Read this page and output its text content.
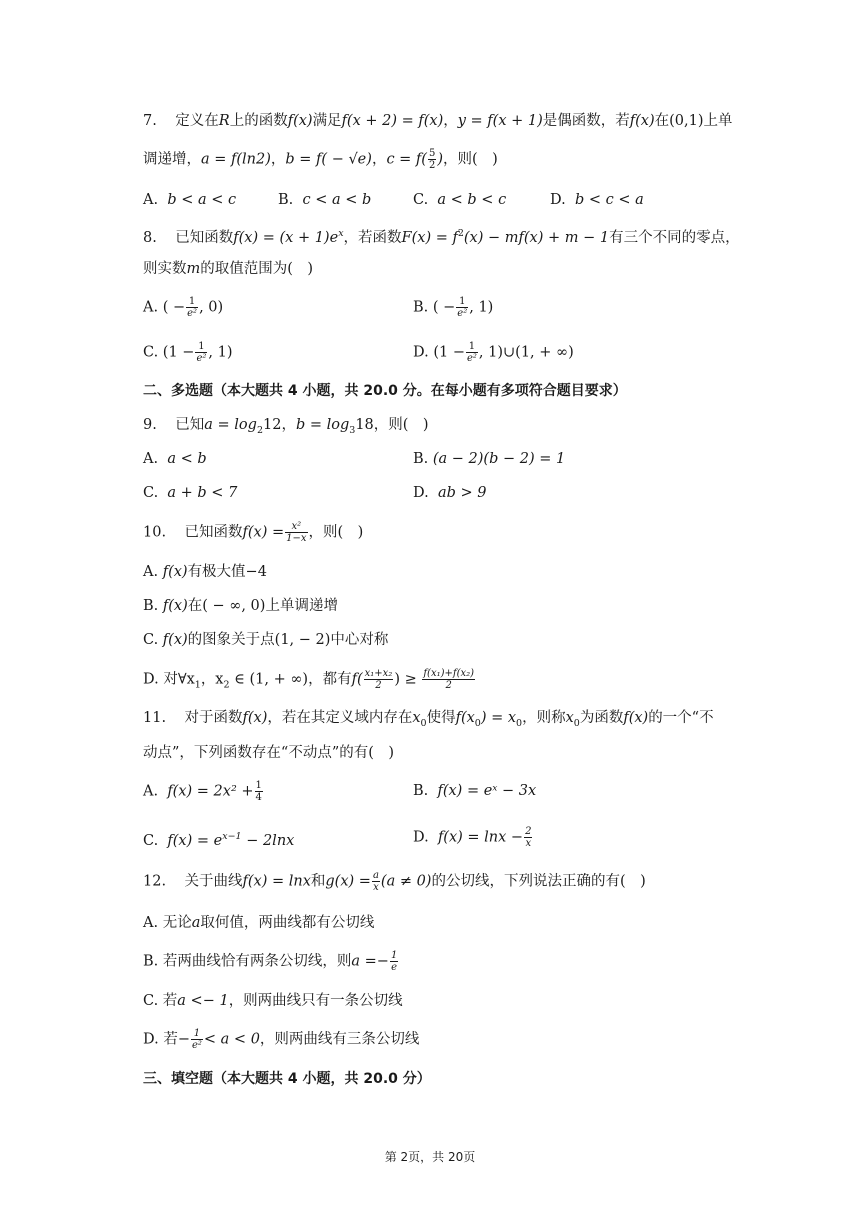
7. 定义在R上的函数f(x)满足f(x + 2) = f(x)，y = f(x + 1)是偶函数，若f(x)在(0,1)上单
调递增，a = f(ln2)，b = f( − √e)，$c = f( \frac{5}{2}$ )，则(　)
A. b < a < c	B. c < a < b	C. a < b < c	D. b < c < a
8. 已知函数$f(x) = (x + 1)e^x$，若函数$F(x) = f^2(x) - mf(x) + m - 1$有三个不同的零点，
则实数m的取值范围为(　)
A. ( − $\frac{1}{\text{e²}}$ , 0)	B. ( − $\frac{1}{\text{e²}}$ , 1)
C. ($1 - \frac{1}{\text{e²}}$ , 1)	D. ($1 - \frac{1}{\text{e²}}$ , 1)∪(1, + ∞)
二、多选题（本大题共 4 小题，共 20.0 分。在每小题有多项符合题目要求）
9. 已知$a = \log_212$，$b = \log_318$，则(　)
A. a < b	B. (a − 2)(b − 2) = 1
C. a + b < 7	D. ab > 9
10. 已知函数$f(x) = \frac{\text{x²}}{1-x}$ ，则(　)
A. f(x)有极大值−4
B. f(x)在( − ∞, 0)上单调递增
C. f(x)的图象关于点(1, − 2)中心对称
D. 对$\forall x_1$，$x_2$ ∈ (1, + ∞)，都有$f( \frac{\text{x₁+x₂}}{2}$ ) ≥ $\frac{\text{f(x₁)+f(x₂)}}{2}$
11. 对于函数f(x)，若在其定义域内存在$x_0$使得$f(x_0) = x_0$，则称$x_0$为函数f(x)的一个“不
动点”，下列函数存在“不动点”的有(　)
A. $f(x) = 2x^2 + \frac{1}{4}$	B. f(x) = eˣ − 3x
C. $f(x) = e^{x-1} - 2\ln x$	D. $f(x) = \ln x - \frac{2}{x}$
12. 关于曲线f(x) = lnx和$g(x) = \frac{a}{x} (a \ne 0)$的公切线，下列说法正确的有(　)
A. 无论a取何值，两曲线都有公切线
B. 若两曲线恰有两条公切线，则$a =- \frac{1}{e}$
C. 若a <− 1，则两曲线只有一条公切线
D. 若− $\frac{1}{\text{e²}} < a < 0$，则两曲线有三条公切线
三、填空题（本大题共 4 小题，共 20.0 分）
第 2页，共 20页
